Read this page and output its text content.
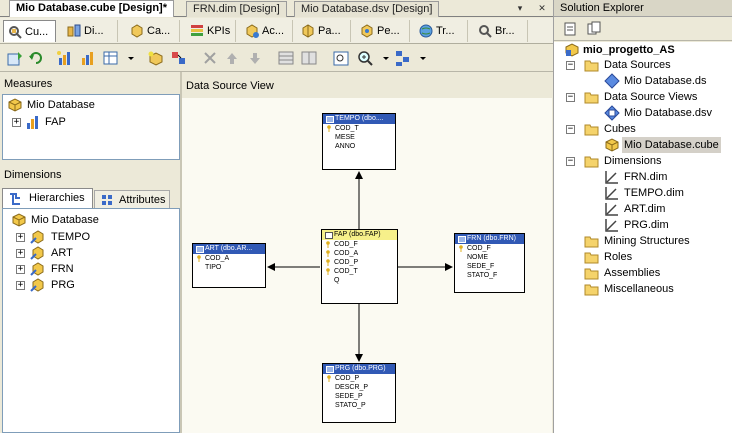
Mio Database.cube [Design]*	FRN.dim [Design]	Mio Database.dsv [Design]	▾	✕
Cu...	Di...	Ca...	KPIs	Ac...	Pa...	Pe...	Tr...	Br...
Measures
Mio Database
+ FAP
Dimensions
Hierarchies	Attributes
Mio Database
+	TEMPO
+	ART
+	FRN
+	PRG
Data Source View
TEMPO (dbo....
COD_T
MESE
ANNO
FAP (dbo.FAP)
COD_F
COD_A
COD_P
COD_T
Q
ART (dbo.AR...
COD_A
TIPO
FRN (dbo.FRN)
COD_F
NOME
SEDE_F
STATO_F
PRG (dbo.PRG)
COD_P
DESCR_P
SEDE_P
STATO_P
Solution Explorer
mio_progetto_AS
−	Data Sources
Mio Database.ds
−	Data Source Views
Mio Database.dsv
−	Cubes
Mio Database.cube
−	Dimensions
FRN.dim
TEMPO.dim
ART.dim
PRG.dim
Mining Structures
Roles
Assemblies
Miscellaneous
